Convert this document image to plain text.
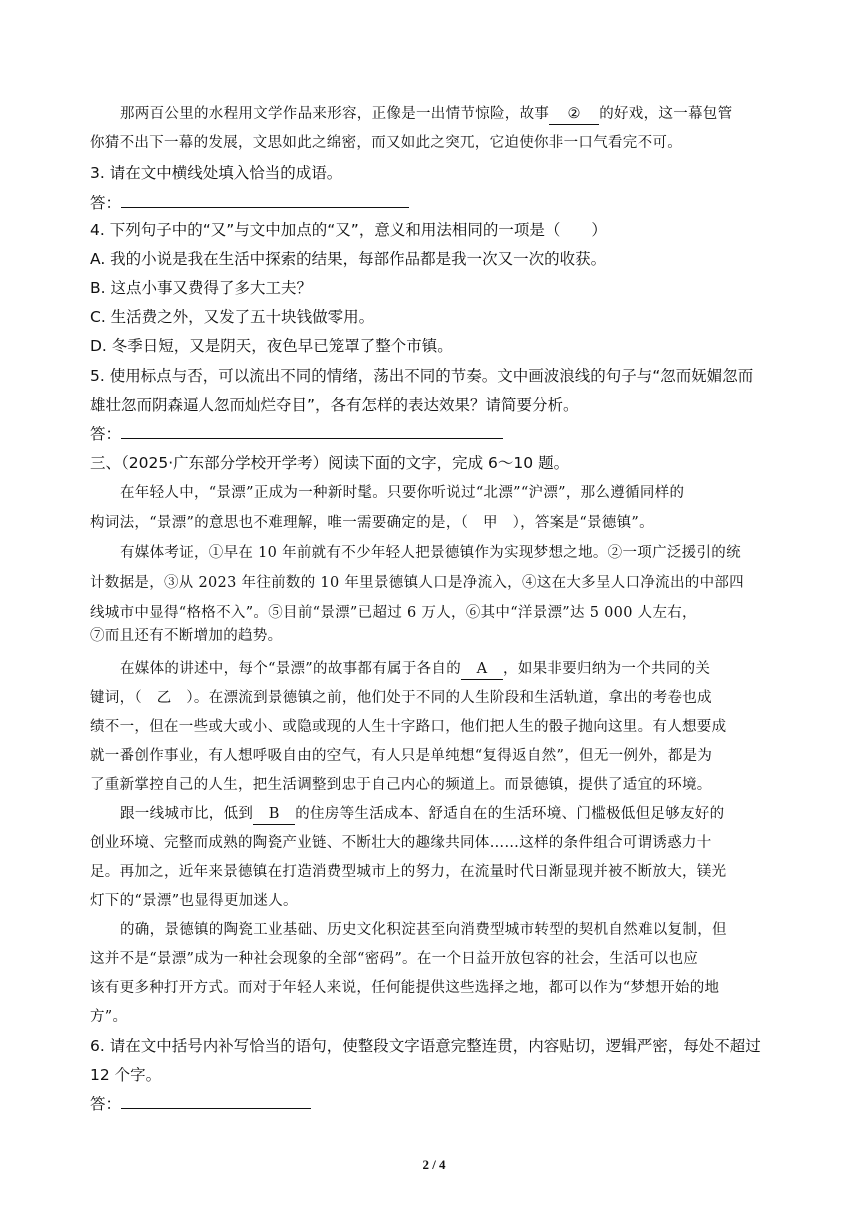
那两百公里的水程用文学作品来形容，正像是一出情节惊险，故事 ② 的好戏，这一幕包管
你猜不出下一幕的发展，文思如此之绵密，而又如此之突兀，它迫使你非一口气看完不可。
3. 请在文中横线处填入恰当的成语。
答：
4. 下列句子中的“又”与文中加点的“又”，意义和用法相同的一项是（　　）
A. 我的小说是我在生活中探索的结果，每部作品都是我一次又一次的收获。
B. 这点小事又费得了多大工夫？
C. 生活费之外，又发了五十块钱做零用。
D. 冬季日短，又是阴天，夜色早已笼罩了整个市镇。
5. 使用标点与否，可以流出不同的情绪，荡出不同的节奏。文中画波浪线的句子与“忽而妩媚忽而
雄壮忽而阴森逼人忽而灿烂夺目”，各有怎样的表达效果？请简要分析。
答：
三、（2025·广东部分学校开学考）阅读下面的文字，完成 6～10 题。
在年轻人中，“景漂”正成为一种新时髦。只要你听说过“北漂”“沪漂”，那么遵循同样的
构词法，“景漂”的意思也不难理解，唯一需要确定的是，（　甲　），答案是“景德镇”。
有媒体考证，①早在 10 年前就有不少年轻人把景德镇作为实现梦想之地。②一项广泛援引的统
计数据是，③从 2023 年往前数的 10 年里景德镇人口是净流入，④这在大多呈人口净流出的中部四
线城市中显得“格格不入”。⑤目前“景漂”已超过 6 万人，⑥其中“洋景漂”达 5 000 人左右，
⑦而且还有不断增加的趋势。
在媒体的讲述中，每个“景漂”的故事都有属于各自的 A ，如果非要归纳为一个共同的关
键词，（　乙　）。在漂流到景德镇之前，他们处于不同的人生阶段和生活轨道，拿出的考卷也成
绩不一，但在一些或大或小、或隐或现的人生十字路口，他们把人生的骰子抛向这里。有人想要成
就一番创作事业，有人想呼吸自由的空气，有人只是单纯想“复得返自然”，但无一例外，都是为
了重新掌控自己的人生，把生活调整到忠于自己内心的频道上。而景德镇，提供了适宜的环境。
跟一线城市比，低到 B 的住房等生活成本、舒适自在的生活环境、门槛极低但足够友好的
创业环境、完整而成熟的陶瓷产业链、不断壮大的趣缘共同体……这样的条件组合可谓诱惑力十
足。再加之，近年来景德镇在打造消费型城市上的努力，在流量时代日渐显现并被不断放大，镁光
灯下的“景漂”也显得更加迷人。
的确，景德镇的陶瓷工业基础、历史文化积淀甚至向消费型城市转型的契机自然难以复制，但
这并不是“景漂”成为一种社会现象的全部“密码”。在一个日益开放包容的社会，生活可以也应
该有更多种打开方式。而对于年轻人来说，任何能提供这些选择之地，都可以作为“梦想开始的地
方”。
6. 请在文中括号内补写恰当的语句，使整段文字语意完整连贯，内容贴切，逻辑严密，每处不超过
12 个字。
答：
2 / 4
